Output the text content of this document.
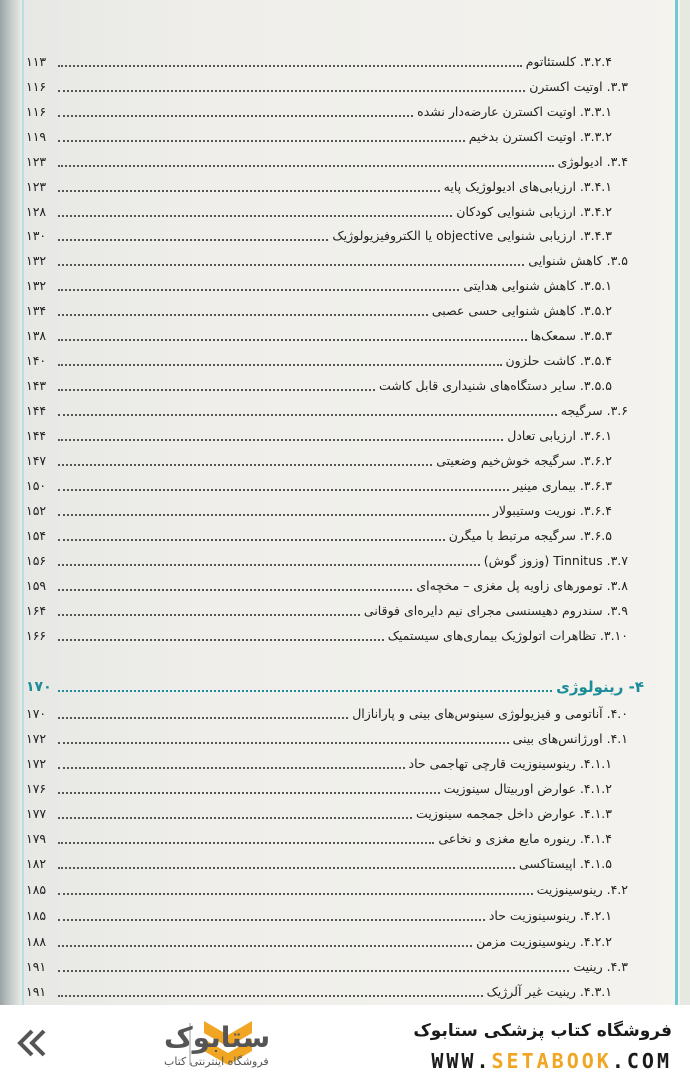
۳.۲.۴. کلستئاتوم
۱۱۳
۳.۳. اوتیت اکسترن
۱۱۶
۳.۳.۱. اوتیت اکسترن عارضه‌دار نشده
۱۱۶
۳.۳.۲. اوتیت اکسترن بدخیم
۱۱۹
۳.۴. ادیولوژی
۱۲۳
۳.۴.۱. ارزیابی‌های ادیولوژیک پایه
۱۲۳
۳.۴.۲. ارزیابی شنوایی کودکان
۱۲۸
۳.۴.۳. ارزیابی شنوایی objective یا الکتروفیزیولوژیک
۱۳۰
۳.۵. کاهش شنوایی
۱۳۲
۳.۵.۱. کاهش شنوایی هدایتی
۱۳۲
۳.۵.۲. کاهش شنوایی حسی عصبی
۱۳۴
۳.۵.۳. سمعک‌ها
۱۳۸
۳.۵.۴. کاشت حلزون
۱۴۰
۳.۵.۵. سایر دستگاه‌های شنیداری قابل کاشت
۱۴۳
۳.۶. سرگیجه
۱۴۴
۳.۶.۱. ارزیابی تعادل
۱۴۴
۳.۶.۲. سرگیجه خوش‌خیم وضعیتی
۱۴۷
۳.۶.۳. بیماری مینیر
۱۵۰
۳.۶.۴. نوریت وستیبولار
۱۵۲
۳.۶.۵. سرگیجه مرتبط با میگرن
۱۵۴
۳.۷. Tinnitus (وزوز گوش)
۱۵۶
۳.۸. تومورهای زاویه پل مغزی – مخچه‌ای
۱۵۹
۳.۹. سندروم دهیسنسی مجرای نیم دایره‌ای فوقانی
۱۶۴
۳.۱۰. تظاهرات اتولوژیک بیماری‌های سیستمیک
۱۶۶
۴- رینولوژی
۱۷۰
۴.۰. آناتومی و فیزیولوژی سینوس‌های بینی و پارانازال
۱۷۰
۴.۱. اورژانس‌های بینی
۱۷۲
۴.۱.۱. رینوسینوزیت قارچی تهاجمی حاد
۱۷۲
۴.۱.۲. عوارض اوربیتال سینوزیت
۱۷۶
۴.۱.۳. عوارض داخل جمجمه سینوزیت
۱۷۷
۴.۱.۴. رینوره مایع مغزی و نخاعی
۱۷۹
۴.۱.۵. اپیستاکسی
۱۸۲
۴.۲. رینوسینوزیت
۱۸۵
۴.۲.۱. رینوسینوزیت حاد
۱۸۵
۴.۲.۲. رینوسینوزیت مزمن
۱۸۸
۴.۳. رینیت
۱۹۱
۴.۳.۱. رینیت غیر آلرژیک
۱۹۱
فروشگاه کتاب پزشکی ستابوک
WWW.SETABOOK.COM
ستابوک
فروشگاه اینترنتی کتاب
